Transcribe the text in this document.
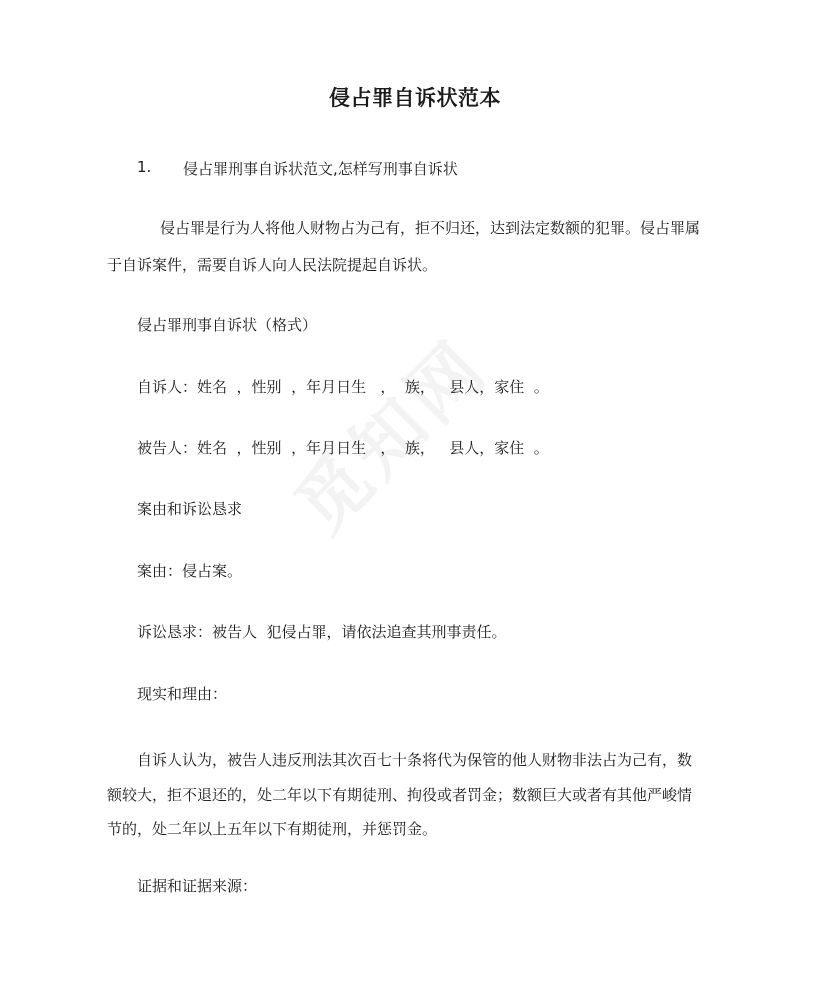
侵占罪自诉状范本
1. 侵占罪刑事自诉状范文,怎样写刑事自诉状
侵占罪是行为人将他人财物占为己有，拒不归还，达到法定数额的犯罪。侵占罪属
于自诉案件，需要自诉人向人民法院提起自诉状。
侵占罪刑事自诉状（格式）
自诉人：姓名  ，性别  ，年月日生   ，  族，   县人，家住  。
被告人：姓名  ，性别  ，年月日生   ，  族，   县人，家住  。
案由和诉讼恳求
案由：侵占案。
诉讼恳求：被告人  犯侵占罪，请依法追查其刑事责任。
现实和理由：
自诉人认为，被告人违反刑法其次百七十条将代为保管的他人财物非法占为己有，数
额较大，拒不退还的，处二年以下有期徒刑、拘役或者罚金；数额巨大或者有其他严峻情
节的，处二年以上五年以下有期徒刑，并惩罚金。
证据和证据来源：
